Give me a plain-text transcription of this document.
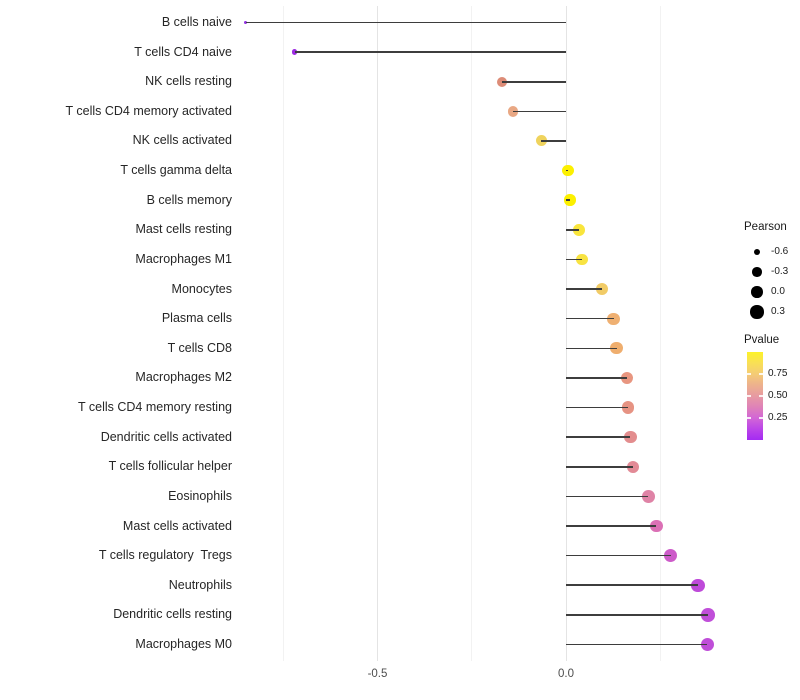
Pearson
-0.6
-0.3
0.0
0.3
Pvalue
0.75
0.50
0.25
B cells naive
T cells CD4 naive
NK cells resting
T cells CD4 memory activated
NK cells activated
T cells gamma delta
B cells memory
Mast cells resting
Macrophages M1
Monocytes
Plasma cells
T cells CD8
Macrophages M2
T cells CD4 memory resting
Dendritic cells activated
T cells follicular helper
Eosinophils
Mast cells activated
T cells regulatory  Tregs
Neutrophils
Dendritic cells resting
Macrophages M0
-0.5	0.0
